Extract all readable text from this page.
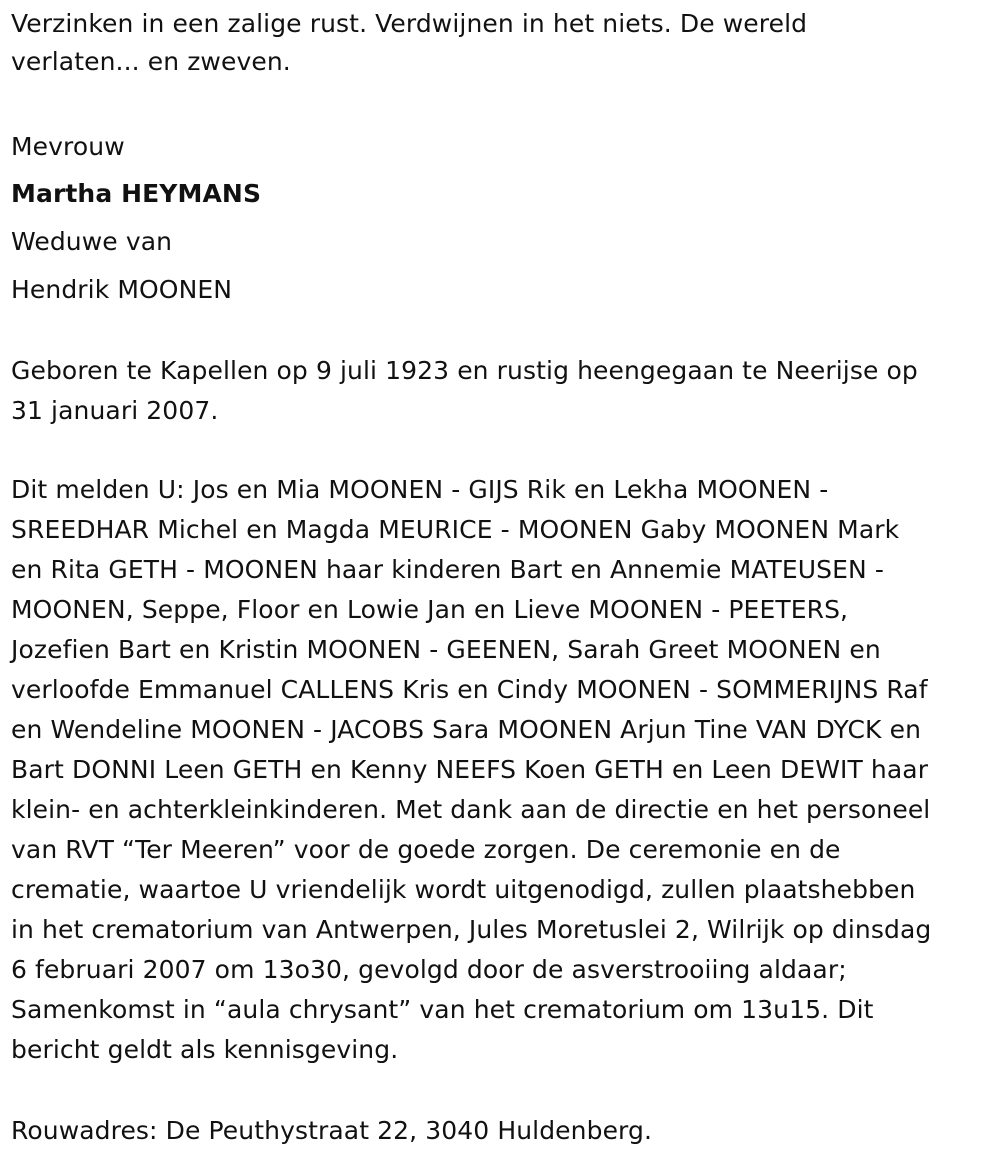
Verzinken in een zalige rust. Verdwijnen in het niets. De wereld
verlaten... en zweven.
Mevrouw
Martha HEYMANS
Weduwe van
Hendrik MOONEN
Geboren te Kapellen op 9 juli 1923 en rustig heengegaan te Neerijse op
31 januari 2007.
Dit melden U: Jos en Mia MOONEN - GIJS Rik en Lekha MOONEN -
SREEDHAR Michel en Magda MEURICE - MOONEN Gaby MOONEN Mark
en Rita GETH - MOONEN haar kinderen Bart en Annemie MATEUSEN -
MOONEN, Seppe, Floor en Lowie Jan en Lieve MOONEN - PEETERS,
Jozefien Bart en Kristin MOONEN - GEENEN, Sarah Greet MOONEN en
verloofde Emmanuel CALLENS Kris en Cindy MOONEN - SOMMERIJNS Raf
en Wendeline MOONEN - JACOBS Sara MOONEN Arjun Tine VAN DYCK en
Bart DONNI Leen GETH en Kenny NEEFS Koen GETH en Leen DEWIT haar
klein- en achterkleinkinderen. Met dank aan de directie en het personeel
van RVT “Ter Meeren” voor de goede zorgen. De ceremonie en de
crematie, waartoe U vriendelijk wordt uitgenodigd, zullen plaatshebben
in het crematorium van Antwerpen, Jules Moretuslei 2, Wilrijk op dinsdag
6 februari 2007 om 13o30, gevolgd door de asverstrooiing aldaar;
Samenkomst in “aula chrysant” van het crematorium om 13u15. Dit
bericht geldt als kennisgeving.
Rouwadres: De Peuthystraat 22, 3040 Huldenberg.
